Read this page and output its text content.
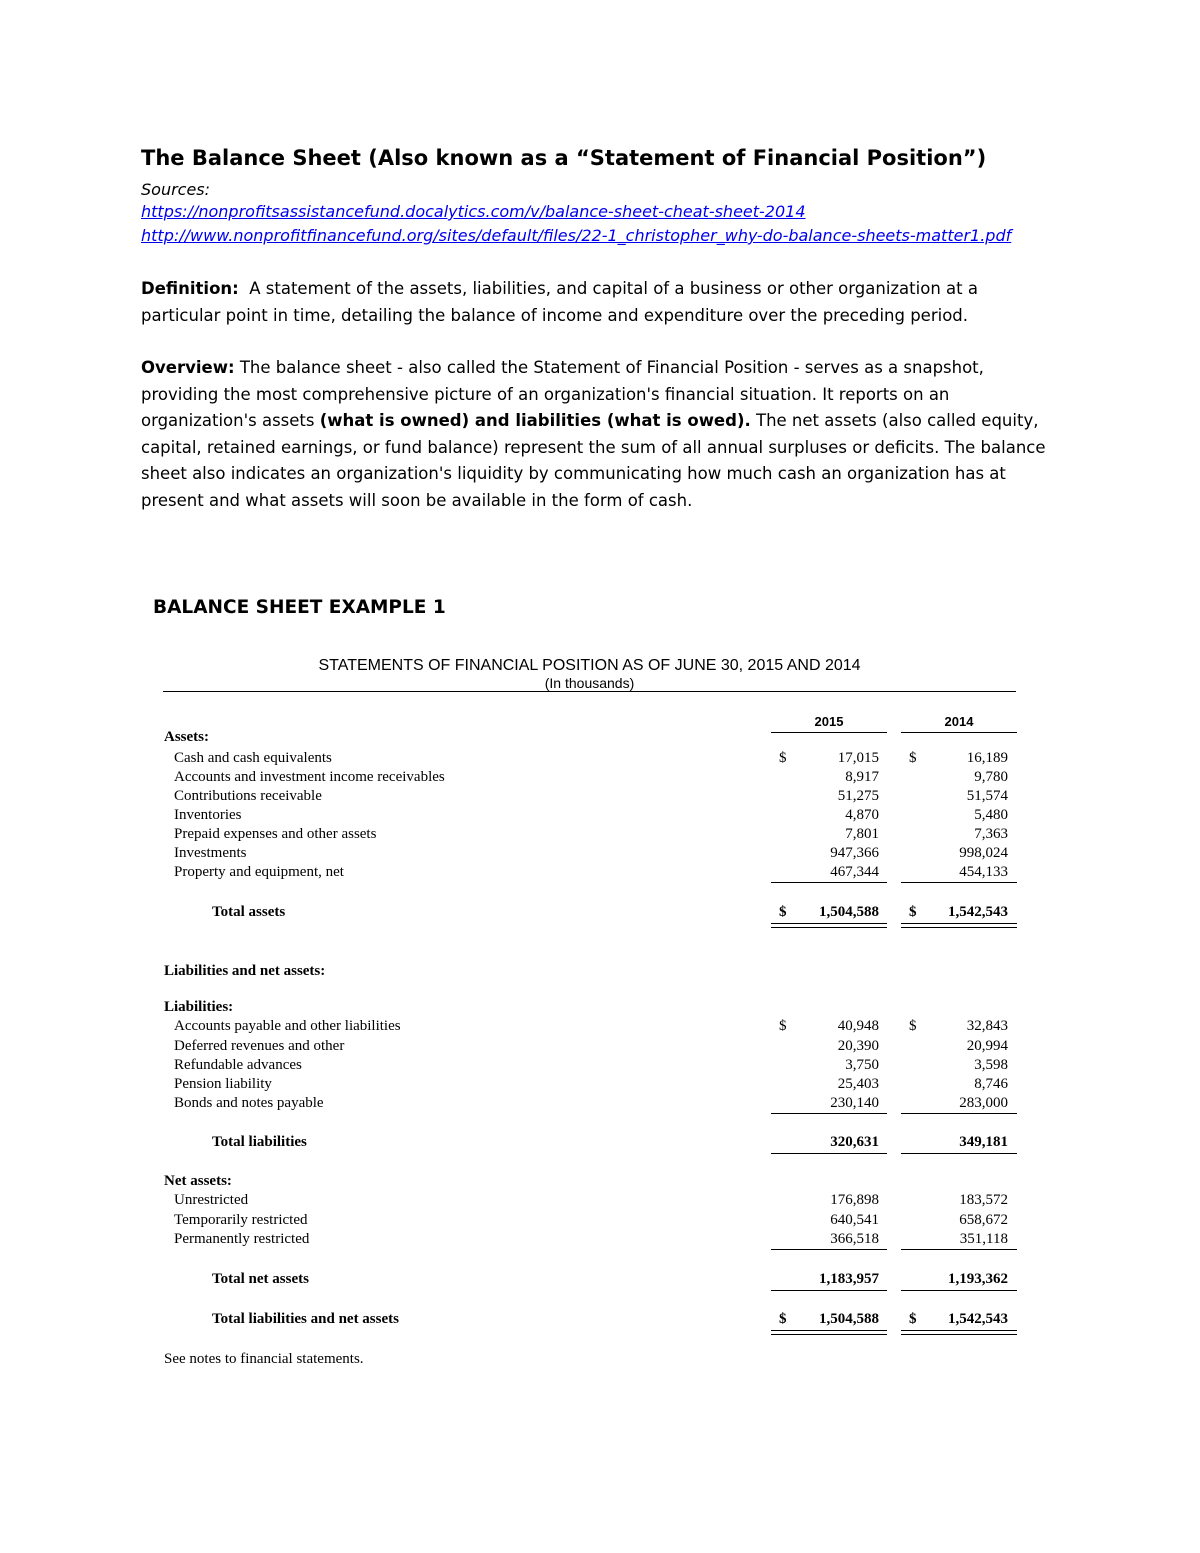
The Balance Sheet (Also known as a “Statement of Financial Position”)
Sources:
https://nonprofitsassistancefund.docalytics.com/v/balance-sheet-cheat-sheet-2014
http://www.nonprofitfinancefund.org/sites/default/files/22-1_christopher_why-do-balance-sheets-matter1.pdf
Definition: A statement of the assets, liabilities, and capital of a business or other organization at a particular point in time, detailing the balance of income and expenditure over the preceding period.
Overview: The balance sheet - also called the Statement of Financial Position - serves as a snapshot, providing the most comprehensive picture of an organization's financial situation. It reports on an organization's assets (what is owned) and liabilities (what is owed). The net assets (also called equity, capital, retained earnings, or fund balance) represent the sum of all annual surpluses or deficits. The balance sheet also indicates an organization's liquidity by communicating how much cash an organization has at present and what assets will soon be available in the form of cash.
BALANCE SHEET EXAMPLE 1
STATEMENTS OF FINANCIAL POSITION AS OF JUNE 30, 2015 AND 2014
(In thousands)
2015	2014
Assets:
Cash and cash equivalents	$	17,015 $	16,189
Accounts and investment income receivables	8,917	9,780
Contributions receivable	51,275	51,574
Inventories	4,870	5,480
Prepaid expenses and other assets	7,801	7,363
Investments	947,366	998,024
Property and equipment, net	467,344	454,133
Total assets	$	1,504,588 $	1,542,543
Liabilities and net assets:
Liabilities:
Accounts payable and other liabilities	$	40,948 $	32,843
Deferred revenues and other	20,390	20,994
Refundable advances	3,750	3,598
Pension liability	25,403	8,746
Bonds and notes payable	230,140	283,000
Total liabilities	320,631	349,181
Net assets:
Unrestricted	176,898	183,572
Temporarily restricted	640,541	658,672
Permanently restricted	366,518	351,118
Total net assets	1,183,957	1,193,362
Total liabilities and net assets	$	1,504,588 $	1,542,543
See notes to financial statements.
